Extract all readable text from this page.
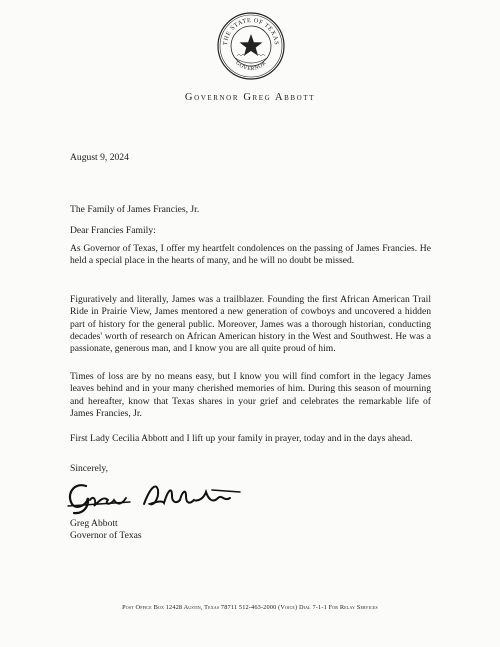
THE STATE OF TEXAS
GOVERNOR
Governor Greg Abbott
August 9, 2024
The Family of James Francies, Jr.
Dear Francies Family:
As Governor of Texas, I offer my heartfelt condolences on the passing of James Francies. He held a special place in the hearts of many, and he will no doubt be missed.
Figuratively and literally, James was a trailblazer. Founding the first African American Trail Ride in Prairie View, James mentored a new generation of cowboys and uncovered a hidden part of history for the general public. Moreover, James was a thorough historian, conducting decades' worth of research on African American history in the West and Southwest. He was a passionate, generous man, and I know you are all quite proud of him.
Times of loss are by no means easy, but I know you will find comfort in the legacy James leaves behind and in your many cherished memories of him. During this season of mourning and hereafter, know that Texas shares in your grief and celebrates the remarkable life of James Francies, Jr.
First Lady Cecilia Abbott and I lift up your family in prayer, today and in the days ahead.
Sincerely,
Greg Abbott
Governor of Texas
Post Office Box 12428 Austin, Texas 78711 512-463-2000 (Voice) Dial 7-1-1 For Relay Services
